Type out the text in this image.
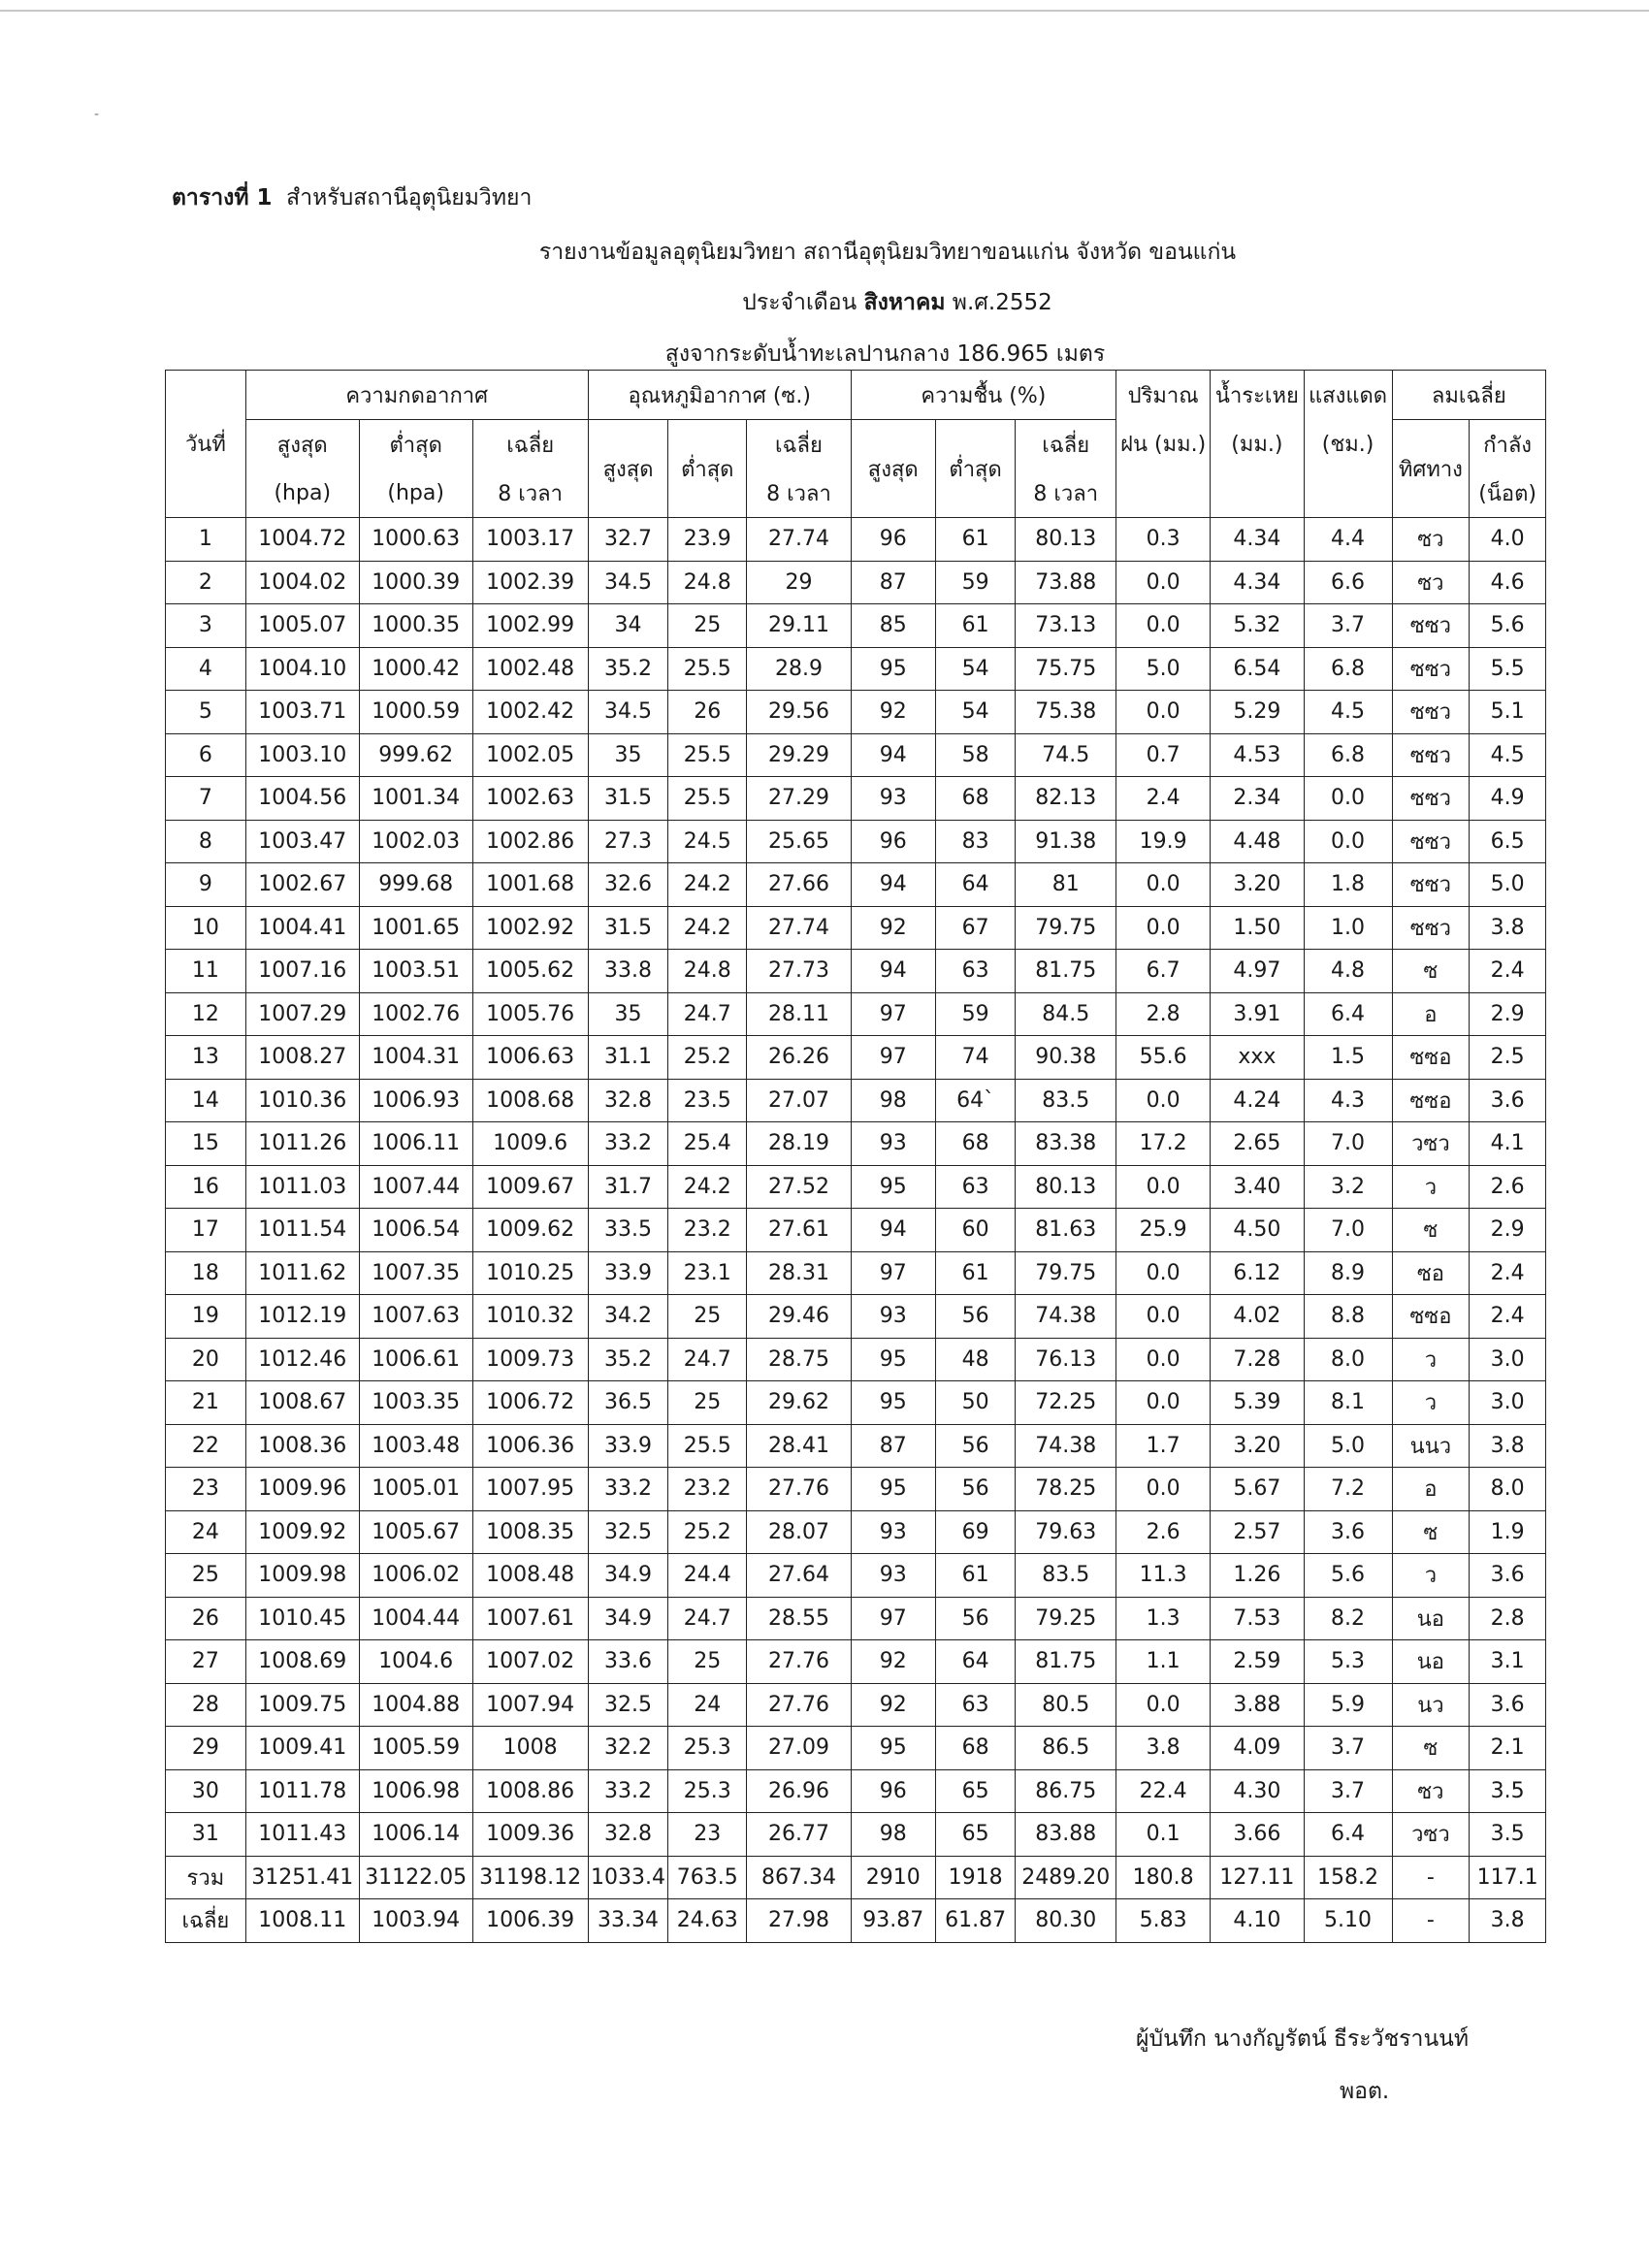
-
ตารางที่ 1 สำหรับสถานีอุตุนิยมวิทยา
รายงานข้อมูลอุตุนิยมวิทยา สถานีอุตุนิยมวิทยาขอนแก่น จังหวัด ขอนแก่น
ประจำเดือน สิงหาคม พ.ศ.2552
สูงจากระดับน้ำทะเลปานกลาง 186.965 เมตร
วันที่	ความกดอากาศ			อุณหภูมิอากาศ (ซ.)			ความชื้น (%)			ปริมาณ	น้ำระเหย	แสงแดด	ลมเฉลี่ย	
	สูงสุด	ต่ำสุด	เฉลี่ย	สูงสุด	ต่ำสุด	เฉลี่ย	สูงสุด	ต่ำสุด	เฉลี่ย	ฝน (มม.)	(มม.)	(ชม.)	ทิศทาง	กำลัง
	(hpa)	(hpa)	8 เวลา			8 เวลา			8 เวลา					(น็อต)
1	1004.72	1000.63	1003.17	32.7	23.9	27.74	96	61	80.13	0.3	4.34	4.4	ซว	4.0
2	1004.02	1000.39	1002.39	34.5	24.8	29	87	59	73.88	0.0	4.34	6.6	ซว	4.6
3	1005.07	1000.35	1002.99	34	25	29.11	85	61	73.13	0.0	5.32	3.7	ซซว	5.6
4	1004.10	1000.42	1002.48	35.2	25.5	28.9	95	54	75.75	5.0	6.54	6.8	ซซว	5.5
5	1003.71	1000.59	1002.42	34.5	26	29.56	92	54	75.38	0.0	5.29	4.5	ซซว	5.1
6	1003.10	999.62	1002.05	35	25.5	29.29	94	58	74.5	0.7	4.53	6.8	ซซว	4.5
7	1004.56	1001.34	1002.63	31.5	25.5	27.29	93	68	82.13	2.4	2.34	0.0	ซซว	4.9
8	1003.47	1002.03	1002.86	27.3	24.5	25.65	96	83	91.38	19.9	4.48	0.0	ซซว	6.5
9	1002.67	999.68	1001.68	32.6	24.2	27.66	94	64	81	0.0	3.20	1.8	ซซว	5.0
10	1004.41	1001.65	1002.92	31.5	24.2	27.74	92	67	79.75	0.0	1.50	1.0	ซซว	3.8
11	1007.16	1003.51	1005.62	33.8	24.8	27.73	94	63	81.75	6.7	4.97	4.8	ซ	2.4
12	1007.29	1002.76	1005.76	35	24.7	28.11	97	59	84.5	2.8	3.91	6.4	อ	2.9
13	1008.27	1004.31	1006.63	31.1	25.2	26.26	97	74	90.38	55.6	xxx	1.5	ซซอ	2.5
14	1010.36	1006.93	1008.68	32.8	23.5	27.07	98	64`	83.5	0.0	4.24	4.3	ซซอ	3.6
15	1011.26	1006.11	1009.6	33.2	25.4	28.19	93	68	83.38	17.2	2.65	7.0	วซว	4.1
16	1011.03	1007.44	1009.67	31.7	24.2	27.52	95	63	80.13	0.0	3.40	3.2	ว	2.6
17	1011.54	1006.54	1009.62	33.5	23.2	27.61	94	60	81.63	25.9	4.50	7.0	ซ	2.9
18	1011.62	1007.35	1010.25	33.9	23.1	28.31	97	61	79.75	0.0	6.12	8.9	ซอ	2.4
19	1012.19	1007.63	1010.32	34.2	25	29.46	93	56	74.38	0.0	4.02	8.8	ซซอ	2.4
20	1012.46	1006.61	1009.73	35.2	24.7	28.75	95	48	76.13	0.0	7.28	8.0	ว	3.0
21	1008.67	1003.35	1006.72	36.5	25	29.62	95	50	72.25	0.0	5.39	8.1	ว	3.0
22	1008.36	1003.48	1006.36	33.9	25.5	28.41	87	56	74.38	1.7	3.20	5.0	นนว	3.8
23	1009.96	1005.01	1007.95	33.2	23.2	27.76	95	56	78.25	0.0	5.67	7.2	อ	8.0
24	1009.92	1005.67	1008.35	32.5	25.2	28.07	93	69	79.63	2.6	2.57	3.6	ซ	1.9
25	1009.98	1006.02	1008.48	34.9	24.4	27.64	93	61	83.5	11.3	1.26	5.6	ว	3.6
26	1010.45	1004.44	1007.61	34.9	24.7	28.55	97	56	79.25	1.3	7.53	8.2	นอ	2.8
27	1008.69	1004.6	1007.02	33.6	25	27.76	92	64	81.75	1.1	2.59	5.3	นอ	3.1
28	1009.75	1004.88	1007.94	32.5	24	27.76	92	63	80.5	0.0	3.88	5.9	นว	3.6
29	1009.41	1005.59	1008	32.2	25.3	27.09	95	68	86.5	3.8	4.09	3.7	ซ	2.1
30	1011.78	1006.98	1008.86	33.2	25.3	26.96	96	65	86.75	22.4	4.30	3.7	ซว	3.5
31	1011.43	1006.14	1009.36	32.8	23	26.77	98	65	83.88	0.1	3.66	6.4	วซว	3.5
รวม	31251.41	31122.05	31198.12	1033.4	763.5	867.34	2910	1918	2489.20	180.8	127.11	158.2	-	117.1
เฉลี่ย	1008.11	1003.94	1006.39	33.34	24.63	27.98	93.87	61.87	80.30	5.83	4.10	5.10	-	3.8
ผู้บันทึก นางกัญรัตน์ ธีระวัชรานนท์
พอต.
